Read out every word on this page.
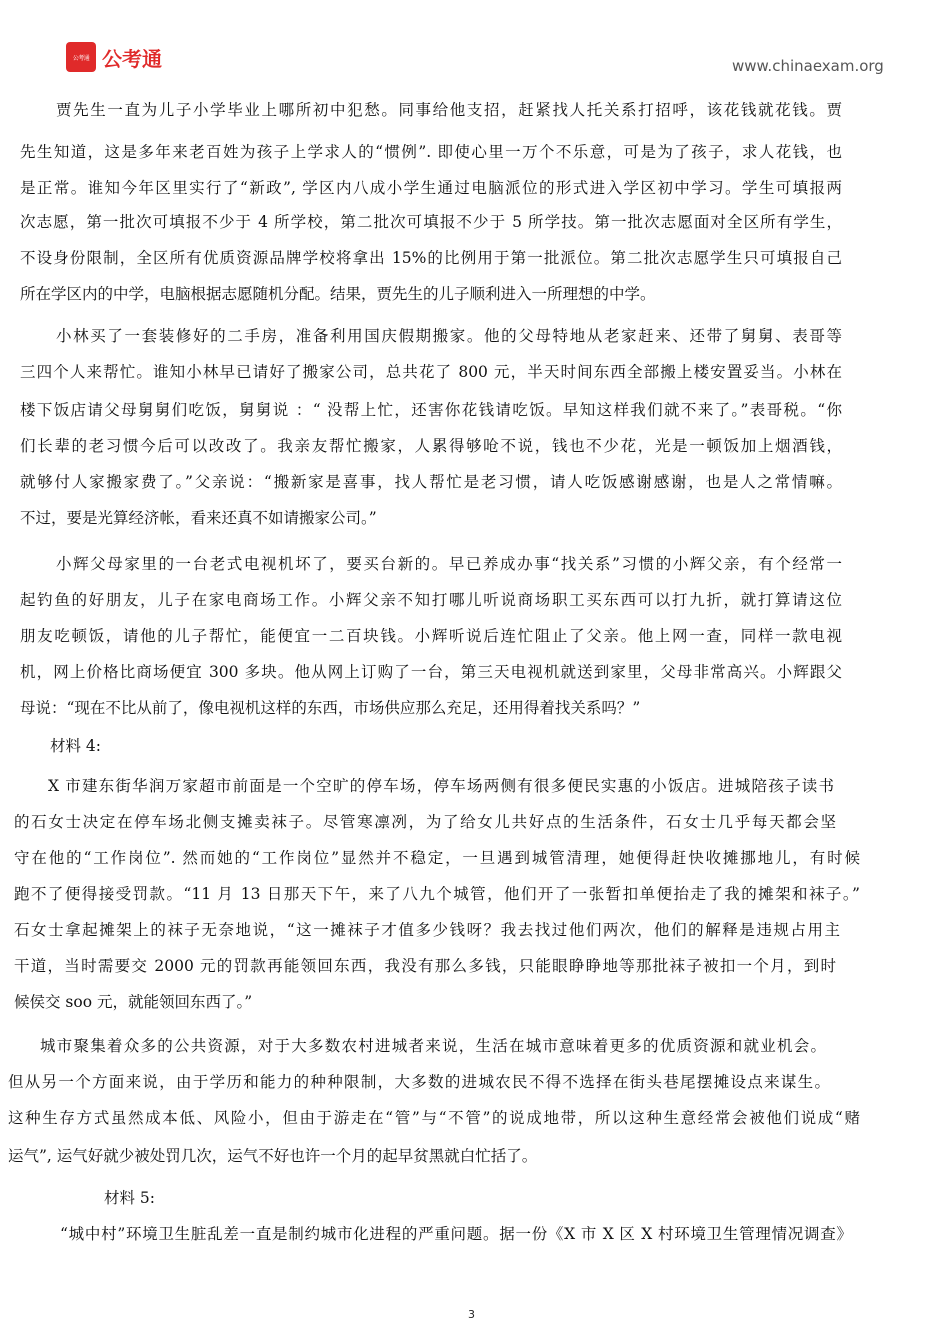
公考通 公考通	www.chinaexam.org
贾先生一直为儿子小学毕业上哪所初中犯愁。同事给他支招，赶紧找人托关系打招呼，该花钱就花钱。贾
先生知道，这是多年来老百姓为孩子上学求人的“惯例”. 即使心里一万个不乐意，可是为了孩子，求人花钱，也
是正常。谁知今年区里实行了“新政”, 学区内八成小学生通过电脑派位的形式进入学区初中学习。学生可填报两
次志愿，第一批次可填报不少于 4 所学校，第二批次可填报不少于 5 所学技。第一批次志愿面对全区所有学生，
不设身份限制，全区所有优质资源品牌学校将拿出 15%的比例用于第一批派位。第二批次志愿学生只可填报自己
所在学区内的中学，电脑根据志愿随机分配。结果，贾先生的儿子顺利进入一所理想的中学。
小林买了一套装修好的二手房，准备利用国庆假期搬家。他的父母特地从老家赶来、还带了舅舅、表哥等
三四个人来帮忙。谁知小林早已请好了搬家公司，总共花了 800 元，半天时间东西全部搬上楼安置妥当。小林在
楼下饭店请父母舅舅们吃饭，舅舅说 ：“ 没帮上忙，还害你花钱请吃饭。早知这样我们就不来了。”表哥税。“你
们长辈的老习惯今后可以改改了。我亲友帮忙搬家，人累得够呛不说，钱也不少花，光是一顿饭加上烟酒钱，
就够付人家搬家费了。”父亲说：“搬新家是喜事，找人帮忙是老习惯，请人吃饭感谢感谢，也是人之常情嘛。
不过，要是光算经济帐，看来还真不如请搬家公司。”
小辉父母家里的一台老式电视机坏了，要买台新的。早已养成办事“找关系”习惯的小辉父亲，有个经常一
起钓鱼的好朋友，儿子在家电商场工作。小辉父亲不知打哪儿听说商场职工买东西可以打九折，就打算请这位
朋友吃顿饭，请他的儿子帮忙，能便宜一二百块钱。小辉听说后连忙阻止了父亲。他上网一查，同样一款电视
机，网上价格比商场便宜 300 多块。他从网上订购了一台，第三天电视机就送到家里，父母非常高兴。小辉跟父
母说：“现在不比从前了，像电视机这样的东西，市场供应那么充足，还用得着找关系吗？”
材料 4:
X 市建东街华润万家超市前面是一个空旷的停车场，停车场两侧有很多便民实惠的小饭店。进城陪孩子读书
的石女士决定在停车场北侧支摊卖袜子。尽管寒凛冽，为了给女儿共好点的生活条件，石女士几乎每天都会坚
守在他的“工作岗位”. 然而她的“工作岗位”显然并不稳定，一旦遇到城管清理，她便得赶快收摊挪地儿，有时候
跑不了便得接受罚款。“11 月 13 日那天下午，来了八九个城管，他们开了一张暂扣单便抬走了我的摊架和袜子。”
石女士拿起摊架上的袜子无奈地说，“这一摊袜子才值多少钱呀？我去找过他们两次，他们的解释是违规占用主
干道，当时需要交 2000 元的罚款再能领回东西，我没有那么多钱，只能眼睁睁地等那批袜子被扣一个月，到时
候侯交 soo 元，就能领回东西了。”
城市聚集着众多的公共资源，对于大多数农村进城者来说，生活在城市意味着更多的优质资源和就业机会。
但从另一个方面来说，由于学历和能力的种种限制，大多数的进城农民不得不选择在街头巷尾摆摊设点来谋生。
这种生存方式虽然成本低、风险小，但由于游走在“管”与“不管”的说成地带，所以这种生意经常会被他们说成“赌
运气”, 运气好就少被处罚几次，运气不好也许一个月的起早贫黑就白忙括了。
材料 5:
“城中村”环境卫生脏乱差一直是制约城市化进程的严重问题。据一份《X 市 X 区 X 村环境卫生管理情况调查》
3
